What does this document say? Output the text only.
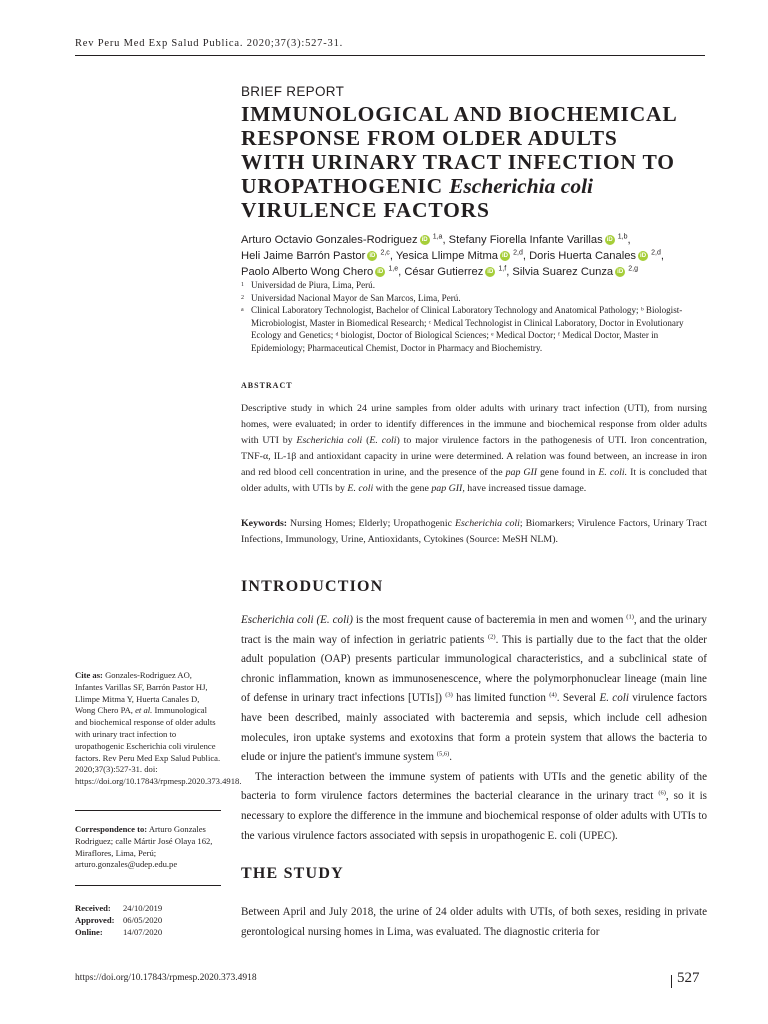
Rev Peru Med Exp Salud Publica. 2020;37(3):527-31.
BRIEF REPORT
IMMUNOLOGICAL AND BIOCHEMICAL
RESPONSE FROM OLDER ADULTS
WITH URINARY TRACT INFECTION TO
UROPATHOGENIC Escherichia coli
VIRULENCE FACTORS
Arturo Octavio Gonzales-Rodriguez iD $^{1,a}$, Stefany Fiorella Infante Varillas iD $^{1,b}$,
Heli Jaime Barrón Pastor iD $^{2,c}$, Yesica Llimpe Mitma iD $^{2,d}$, Doris Huerta Canales iD $^{2,d}$,
Paolo Alberto Wong Chero iD $^{1,e}$, César Gutierrez iD $^{1,f}$, Silvia Suarez Cunza iD $^{2,g}$
1 Universidad de Piura, Lima, Perú.
2 Universidad Nacional Mayor de San Marcos, Lima, Perú.
a Clinical Laboratory Technologist, Bachelor of Clinical Laboratory Technology and Anatomical Pathology; ᵇ Biologist-Microbiologist, Master in Biomedical Research; ᶜ Medical Technologist in Clinical Laboratory, Doctor in Evolutionary Ecology and Genetics; ᵈ biologist, Doctor of Biological Sciences; ᵉ Medical Doctor; ᶠ Medical Doctor, Master in Epidemiology; Pharmaceutical Chemist, Doctor in Pharmacy and Biochemistry.
abstract
Descriptive study in which 24 urine samples from older adults with urinary tract infection (UTI), from nursing homes, were evaluated; in order to identify differences in the immune and biochemical response from older adults with UTI by Escherichia coli (E. coli) to major virulence factors in the pathogenesis of UTI. Iron concentration, TNF-α, IL-1β and antioxidant capacity in urine were determined. A relation was found between, an increase in iron and red blood cell concentration in urine, and the presence of the pap GII gene found in E. coli. It is concluded that older adults, with UTIs by E. coli with the gene pap GII, have increased tissue damage.
Keywords: Nursing Homes; Elderly; Uropathogenic Escherichia coli; Biomarkers; Virulence Factors, Urinary Tract Infections, Immunology, Urine, Antioxidants, Cytokines (Source: MeSH NLM).
INTRODUCTION

Escherichia coli (E. coli) is the most frequent cause of bacteremia in men and women $^{(1)}$, and the urinary tract is the main way of infection in geriatric patients $^{(2)}$. This is partially due to the fact that the older adult population (OAP) presents particular immunological characteristics, and a subclinical state of chronic inflammation, known as immunosenescence, where the polymorphonuclear lineage (main line of defense in urinary tract infections [UTIs]) $^{(3)}$ has limited function $^{(4)}$. Several E. coli virulence factors have been described, mainly associated with bacteremia and sepsis, which include cell adhesion molecules, iron uptake systems and exotoxins that form a protein system that allows the bacteria to elude or injure the patient's immune system $^{(5,6)}$.

The interaction between the immune system of patients with UTIs and the genetic ability of the bacteria to form virulence factors determines the bacterial clearance in the urinary tract $^{(6)}$, so it is necessary to explore the difference in the immune and biochemical response of older adults with UTIs to the various virulence factors associated with sepsis in uropathogenic E. coli (UPEC).

THE STUDY
Between April and July 2018, the urine of 24 older adults with UTIs, of both sexes, residing in private gerontological nursing homes in Lima, was evaluated. The diagnostic criteria for
Cite as: Gonzales-Rodriguez AO, Infantes Varillas SF, Barrón Pastor HJ, Llimpe Mitma Y, Huerta Canales D, Wong Chero PA, et al. Immunological and biochemical response of older adults with urinary tract infection to uropathogenic Escherichia coli virulence factors. Rev Peru Med Exp Salud Publica. 2020;37(3):527-31. doi: https://doi.org/10.17843/rpmesp.2020.373.4918.
Correspondence to: Arturo Gonzales Rodriguez; calle Mártir José Olaya 162, Miraflores, Lima, Perú; arturo.gonzales@udep.edu.pe
Received:	24/10/2019
Approved: 06/05/2020
Online:	14/07/2020
https://doi.org/10.17843/rpmesp.2020.373.4918	527
